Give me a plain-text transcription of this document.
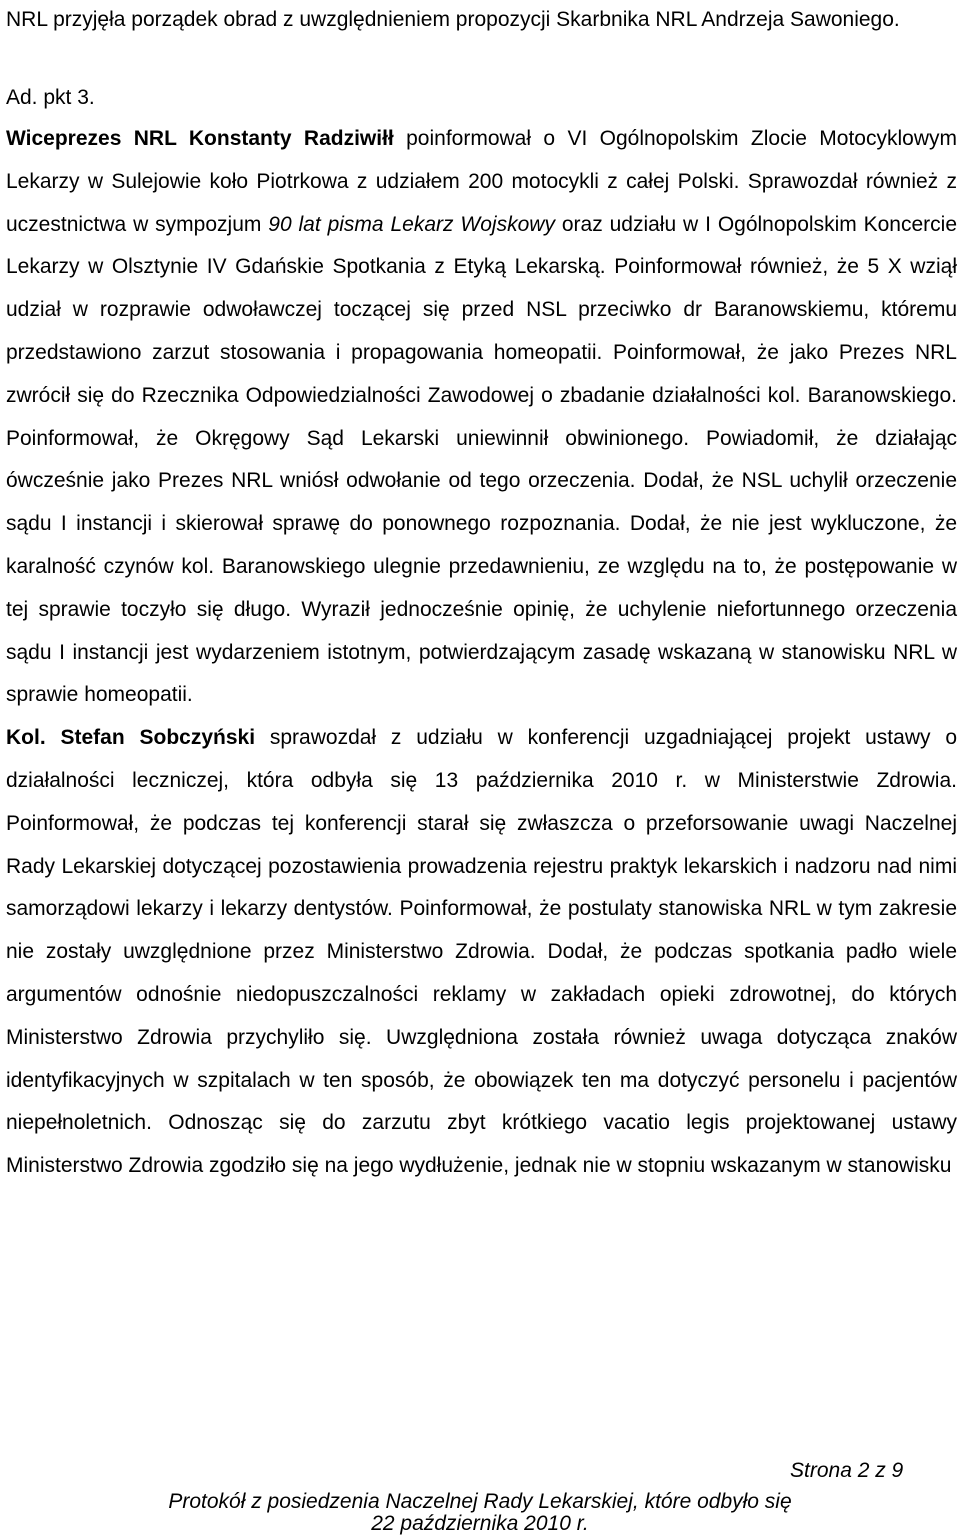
NRL przyjęła porządek obrad z uwzględnieniem propozycji Skarbnika NRL Andrzeja Sawoniego.

Ad. pkt 3.

Wiceprezes NRL Konstanty Radziwiłł poinformował o VI Ogólnopolskim Zlocie Motocyklowym Lekarzy w Sulejowie koło Piotrkowa z udziałem 200 motocykli z całej Polski. Sprawozdał również z uczestnictwa w sympozjum 90 lat pisma Lekarz Wojskowy oraz udziału w I Ogólnopolskim Koncercie Lekarzy w Olsztynie IV Gdańskie Spotkania z Etyką Lekarską. Poinformował również, że 5 X wziął udział w rozprawie odwoławczej toczącej się przed NSL przeciwko dr Baranowskiemu, któremu przedstawiono zarzut stosowania i propagowania homeopatii. Poinformował, że jako Prezes NRL zwrócił się do Rzecznika Odpowiedzialności Zawodowej o zbadanie działalności kol. Baranowskiego. Poinformował, że Okręgowy Sąd Lekarski uniewinnił obwinionego. Powiadomił, że działając ówcześnie jako Prezes NRL wniósł odwołanie od tego orzeczenia. Dodał, że NSL uchylił orzeczenie sądu I instancji i skierował sprawę do ponownego rozpoznania. Dodał, że nie jest wykluczone, że karalność czynów kol. Baranowskiego ulegnie przedawnieniu, ze względu na to, że postępowanie w tej sprawie toczyło się długo. Wyraził jednocześnie opinię, że uchylenie niefortunnego orzeczenia sądu I instancji jest wydarzeniem istotnym, potwierdzającym zasadę wskazaną w stanowisku NRL w sprawie homeopatii.

Kol. Stefan Sobczyński sprawozdał z udziału w konferencji uzgadniającej projekt ustawy o działalności leczniczej, która odbyła się 13 października 2010 r. w Ministerstwie Zdrowia. Poinformował, że podczas tej konferencji starał się zwłaszcza o przeforsowanie uwagi Naczelnej Rady Lekarskiej dotyczącej pozostawienia prowadzenia rejestru praktyk lekarskich i nadzoru nad nimi samorządowi lekarzy i lekarzy dentystów. Poinformował, że postulaty stanowiska NRL w tym zakresie nie zostały uwzględnione przez Ministerstwo Zdrowia. Dodał, że podczas spotkania padło wiele argumentów odnośnie niedopuszczalności reklamy w zakładach opieki zdrowotnej, do których Ministerstwo Zdrowia przychyliło się. Uwzględniona została również uwaga dotycząca znaków identyfikacyjnych w szpitalach w ten sposób, że obowiązek ten ma dotyczyć personelu i pacjentów niepełnoletnich. Odnosząc się do zarzutu zbyt krótkiego vacatio legis projektowanej ustawy Ministerstwo Zdrowia zgodziło się na jego wydłużenie, jednak nie w stopniu wskazanym w stanowisku

Strona 2 z 9
Protokół z posiedzenia Naczelnej Rady Lekarskiej, które odbyło się
22 października 2010 r.
